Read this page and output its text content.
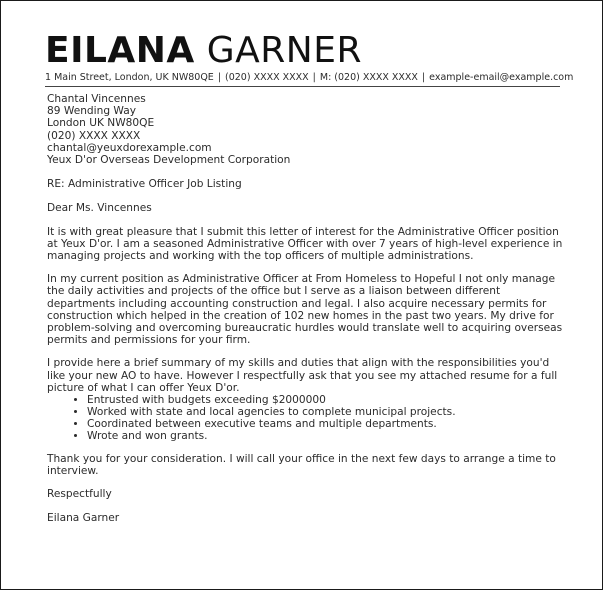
EILANA GARNER
1 Main Street, London, UK NW80QE | (020) XXXX XXXX | M: (020) XXXX XXXX | example-email@example.com
Chantal Vincennes
89 Wending Way
London UK NW80QE
(020) XXXX XXXX
chantal@yeuxdorexample.com
Yeux D'or Overseas Development Corporation

RE: Administrative Officer Job Listing

Dear Ms. Vincennes

It is with great pleasure that I submit this letter of interest for the Administrative Officer position at Yeux D'or. I am a seasoned Administrative Officer with over 7 years of high-level experience in managing projects and working with the top officers of multiple administrations.

In my current position as Administrative Officer at From Homeless to Hopeful I not only manage the daily activities and projects of the office but I serve as a liaison between different departments including accounting construction and legal. I also acquire necessary permits for construction which helped in the creation of 102 new homes in the past two years. My drive for problem-solving and overcoming bureaucratic hurdles would translate well to acquiring overseas permits and permissions for your firm.

I provide here a brief summary of my skills and duties that align with the responsibilities you'd like your new AO to have. However I respectfully ask that you see my attached resume for a full picture of what I can offer Yeux D'or.

• Entrusted with budgets exceeding $2000000
• Worked with state and local agencies to complete municipal projects.
• Coordinated between executive teams and multiple departments.
• Wrote and won grants.

Thank you for your consideration. I will call your office in the next few days to arrange a time to interview.

Respectfully

Eilana Garner
